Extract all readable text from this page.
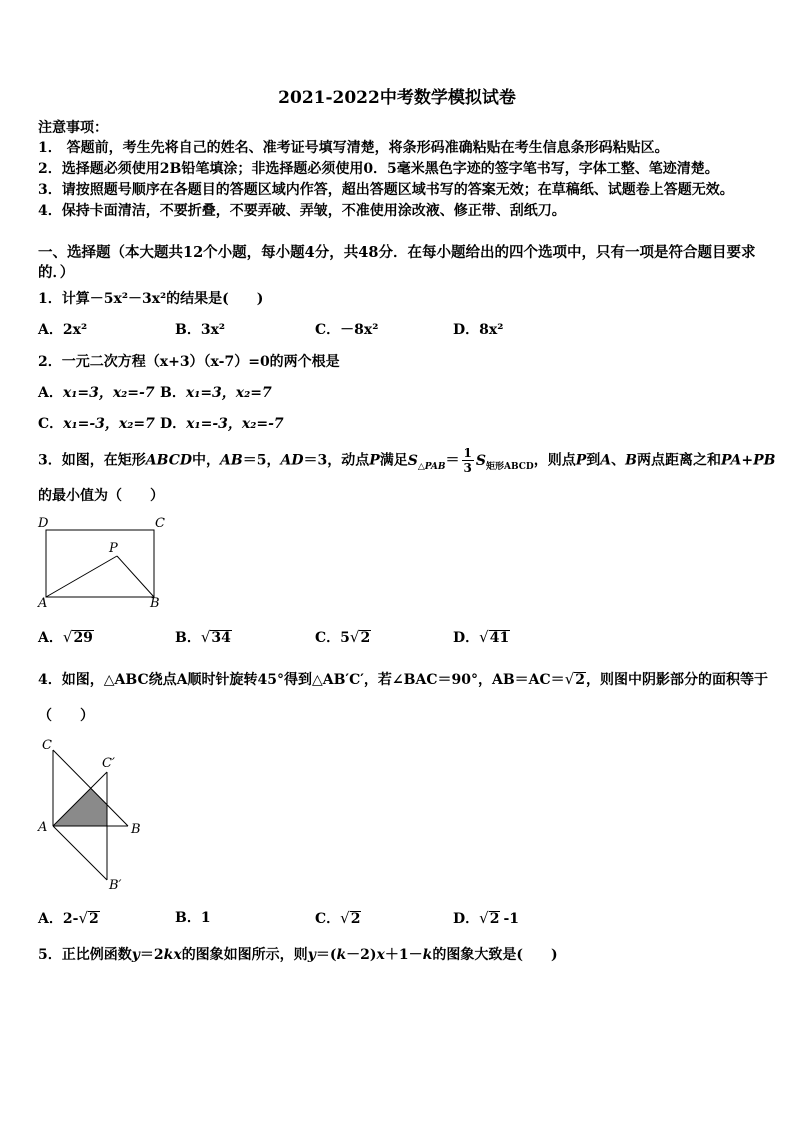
2021-2022中考数学模拟试卷
注意事项：
1． 答题前，考生先将自己的姓名、准考证号填写清楚，将条形码准确粘贴在考生信息条形码粘贴区。
2．选择题必须使用2B铅笔填涂；非选择题必须使用0．5毫米黑色字迹的签字笔书写，字体工整、笔迹清楚。
3．请按照题号顺序在各题目的答题区域内作答，超出答题区域书写的答案无效；在草稿纸、试题卷上答题无效。
4．保持卡面清洁，不要折叠，不要弄破、弄皱，不准使用涂改液、修正带、刮纸刀。
一、选择题（本大题共12个小题，每小题4分，共48分．在每小题给出的四个选项中，只有一项是符合题目要求
的．）
1．计算－5x²－3x²的结果是(　　)
A．2x²	B．3x²	C．－8x²	D．8x²
2．一元二次方程（x+3）（x-7）=0的两个根是
A．x₁=3，x₂=-7 B．x₁=3，x₂=7
C．x₁=-3，x₂=7 D．x₁=-3，x₂=-7
3．如图，在矩形ABCD中，AB＝5，AD＝3，动点P满足$S_{\triangle PAB}= \frac{1}{3} S_{矩形ABCD}$，则点P到A、B两点距离之和PA+PB
的最小值为（　　）
D	C
P
A	B
A．√29	B．√34	C．5√2	D．√41
4．如图，△ABC绕点A顺时针旋转45°得到△AB′C′，若∠BAC＝90°，AB＝AC＝√2，则图中阴影部分的面积等于
（　　）
C
C′
A	B
B′
A．2-√2	B．1	C．√2	D．√2 -1
5．正比例函数y＝2kx的图象如图所示，则y＝(k－2)x＋1－k的图象大致是(　　)
